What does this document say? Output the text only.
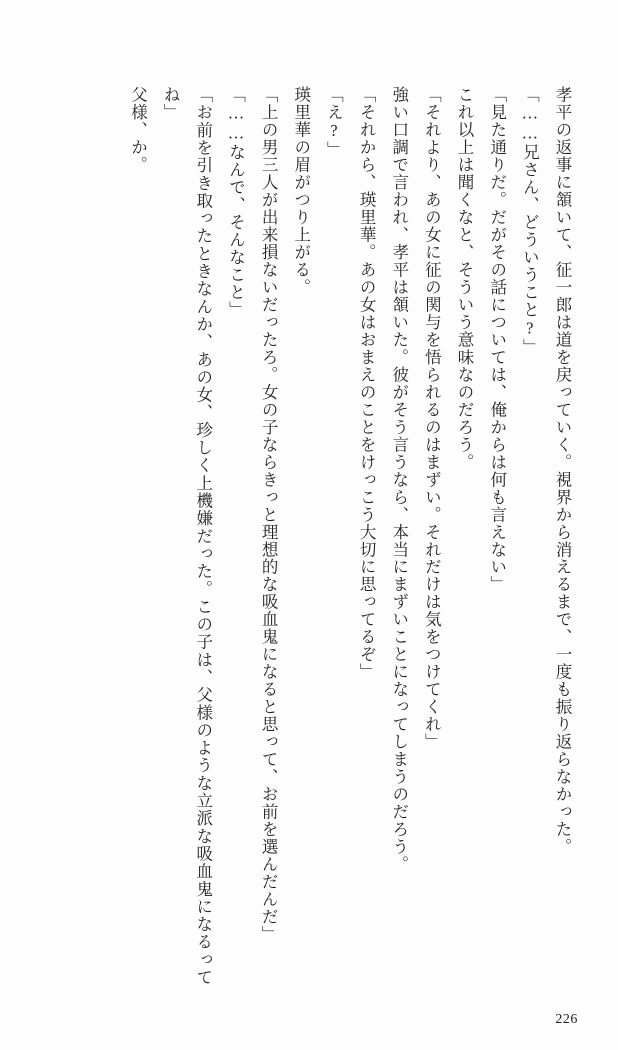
孝平の返事に頷いて、征一郎は道を戻っていく。視界から消えるまで、一度も振り返らなかった。

「……兄さん、どういうこと?」

「見た通りだ。だがその話については、俺からは何も言えない」

これ以上は聞くなと、そういう意味なのだろう。

「それより、あの女に征の関与を悟られるのはまずい。それだけは気をつけてくれ」

強い口調で言われ、孝平は頷いた。彼がそう言うなら、本当にまずいことになってしまうのだろう。

「それから、瑛里華。あの女はおまえのことをけっこう大切に思ってるぞ」

「え?」

瑛里華の眉がつり上がる。

「上の男三人が出来損ないだったろ。女の子ならきっと理想的な吸血鬼になると思って、お前を選んだんだ」

「……なんで、そんなこと」

「お前を引き取ったときなんか、あの女、珍しく上機嫌だった。この子は、父様のような立派な吸血鬼になるってね」

父様、か。

226
